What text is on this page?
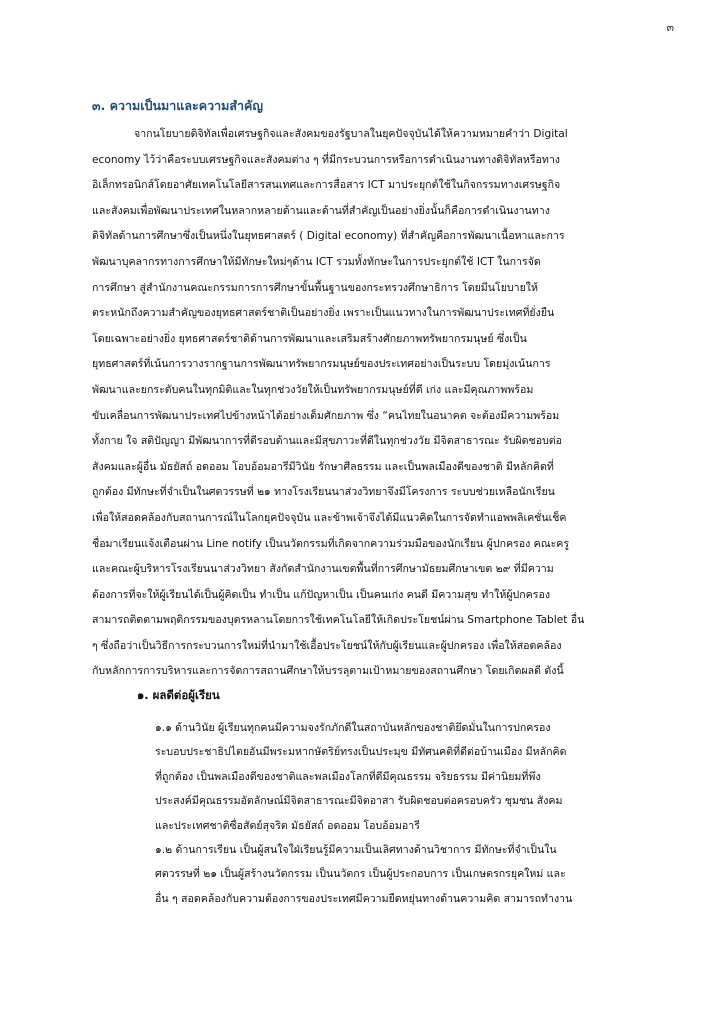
๓
๓. ความเป็นมาและความสำคัญ
จากนโยบายดิจิทัลเพื่อเศรษฐกิจและสังคมของรัฐบาลในยุคปัจจุบันได้ให้ความหมายคำว่า Digital
economy ไว้ว่าคือระบบเศรษฐกิจและสังคมต่าง ๆ ที่มีกระบวนการหรือการดำเนินงานทางดิจิทัลหรือทาง
อิเล็กทรอนิกส์โดยอาศัยเทคโนโลยีสารสนเทศและการสื่อสาร ICT มาประยุกต์ใช้ในกิจกรรมทางเศรษฐกิจ
และสังคมเพื่อพัฒนาประเทศในหลากหลายด้านและด้านที่สำคัญเป็นอย่างยิ่งนั้นก็คือการดำเนินงานทาง
ดิจิทัลด้านการศึกษาซึ่งเป็นหนึ่งในยุทธศาสตร์ ( Digital economy) ที่สำคัญคือการพัฒนาเนื้อหาและการ
พัฒนาบุคลากรทางการศึกษาให้มีทักษะใหม่ๆด้าน ICT รวมทั้งทักษะในการประยุกต์ใช้ ICT ในการจัด
การศึกษา สู่สำนักงานคณะกรรมการการศึกษาขั้นพื้นฐานของกระทรวงศึกษาธิการ โดยมีนโยบายให้
ตระหนักถึงความสำคัญของยุทธศาสตร์ชาติเป็นอย่างยิ่ง เพราะเป็นแนวทางในการพัฒนาประเทศที่ยั่งยืน
โดยเฉพาะอย่างยิ่ง ยุทธศาสตร์ชาติด้านการพัฒนาและเสริมสร้างศักยภาพทรัพยากรมนุษย์ ซึ่งเป็น
ยุทธศาสตร์ที่เน้นการวางรากฐานการพัฒนาทรัพยากรมนุษย์ของประเทศอย่างเป็นระบบ โดยมุ่งเน้นการ
พัฒนาและยกระดับคนในทุกมิติและในทุกช่วงวัยให้เป็นทรัพยากรมนุษย์ที่ดี เก่ง และมีคุณภาพพร้อม
ขับเคลื่อนการพัฒนาประเทศไปข้างหน้าได้อย่างเต็มศักยภาพ ซึ่ง “คนไทยในอนาคต จะต้องมีความพร้อม
ทั้งกาย ใจ สติปัญญา มีพัฒนาการที่ดีรอบด้านและมีสุขภาวะที่ดีในทุกช่วงวัย มีจิตสาธารณะ รับผิดชอบต่อ
สังคมและผู้อื่น มัธยัสถ์ อดออม โอบอ้อมอารีมีวินัย รักษาศีลธรรม และเป็นพลเมืองดีของชาติ มีหลักคิดที่
ถูกต้อง มีทักษะที่จำเป็นในศตวรรษที่ ๒๑ ทางโรงเรียนนาส่วงวิทยาจึงมีโครงการ ระบบช่วยเหลือนักเรียน
เพื่อให้สอดคล้องกับสถานการณ์ในโลกยุคปัจจุบัน และข้าพเจ้าจึงได้มีแนวคิดในการจัดทำแอพพลิเคชั่นเช็ค
ชื่อมาเรียนแจ้งเตือนผ่าน Line notify เป็นนวัตกรรมที่เกิดจากความร่วมมือของนักเรียน ผู้ปกครอง คณะครู
และคณะผู้บริหารโรงเรียนนาส่วงวิทยา สังกัดสำนักงานเขตพื้นที่การศึกษามัธยมศึกษาเขต ๒๙ ที่มีความ
ต้องการที่จะให้ผู้เรียนได้เป็นผู้คิดเป็น ทำเป็น แก้ปัญหาเป็น เป็นคนเก่ง คนดี มีความสุข ทำให้ผู้ปกครอง
สามารถติดตามพฤติกรรมของบุตรหลานโดยการใช้เทคโนโลยีให้เกิดประโยชน์ผ่าน Smartphone Tablet อื่น
ๆ ซึ่งถือว่าเป็นวิธีการกระบวนการใหม่ที่นำมาใช้เอื้อประโยชน์ให้กับผู้เรียนและผู้ปกครอง เพื่อให้สอดคล้อง
กับหลักการการบริหารและการจัดการสถานศึกษาให้บรรลุตามเป้าหมายของสถานศึกษา โดยเกิดผลดี ดังนี้
๑. ผลดีต่อผู้เรียน
๑.๑ ด้านวินัย ผู้เรียนทุกคนมีความจงรักภักดีในสถาบันหลักของชาติยึดมั่นในการปกครอง
ระบอบประชาธิปไตยอันมีพระมหากษัตริย์ทรงเป็นประมุข มีทัศนคติที่ดีต่อบ้านเมือง มีหลักคิด
ที่ถูกต้อง เป็นพลเมืองดีของชาติและพลเมืองโลกที่ดีมีคุณธรรม จริยธรรม มีค่านิยมที่พึง
ประสงค์มีคุณธรรมอัตลักษณ์มีจิตสาธารณะมีจิตอาสา รับผิดชอบต่อครอบครัว ชุมชน สังคม
และประเทศชาติซื่อสัตย์สุจริต มัธยัสถ์ อดออม โอบอ้อมอารี
๑.๒ ด้านการเรียน เป็นผู้สนใจใฝ่เรียนรู้มีความเป็นเลิศทางด้านวิชาการ มีทักษะที่จำเป็นใน
ศตวรรษที่ ๒๑ เป็นผู้สร้างนวัตกรรม เป็นนวัตกร เป็นผู้ประกอบการ เป็นเกษตรกรยุคใหม่ และ
อื่น ๆ สอดคล้องกับความต้องการของประเทศมีความยืดหยุ่นทางด้านความคิด สามารถทำงาน
